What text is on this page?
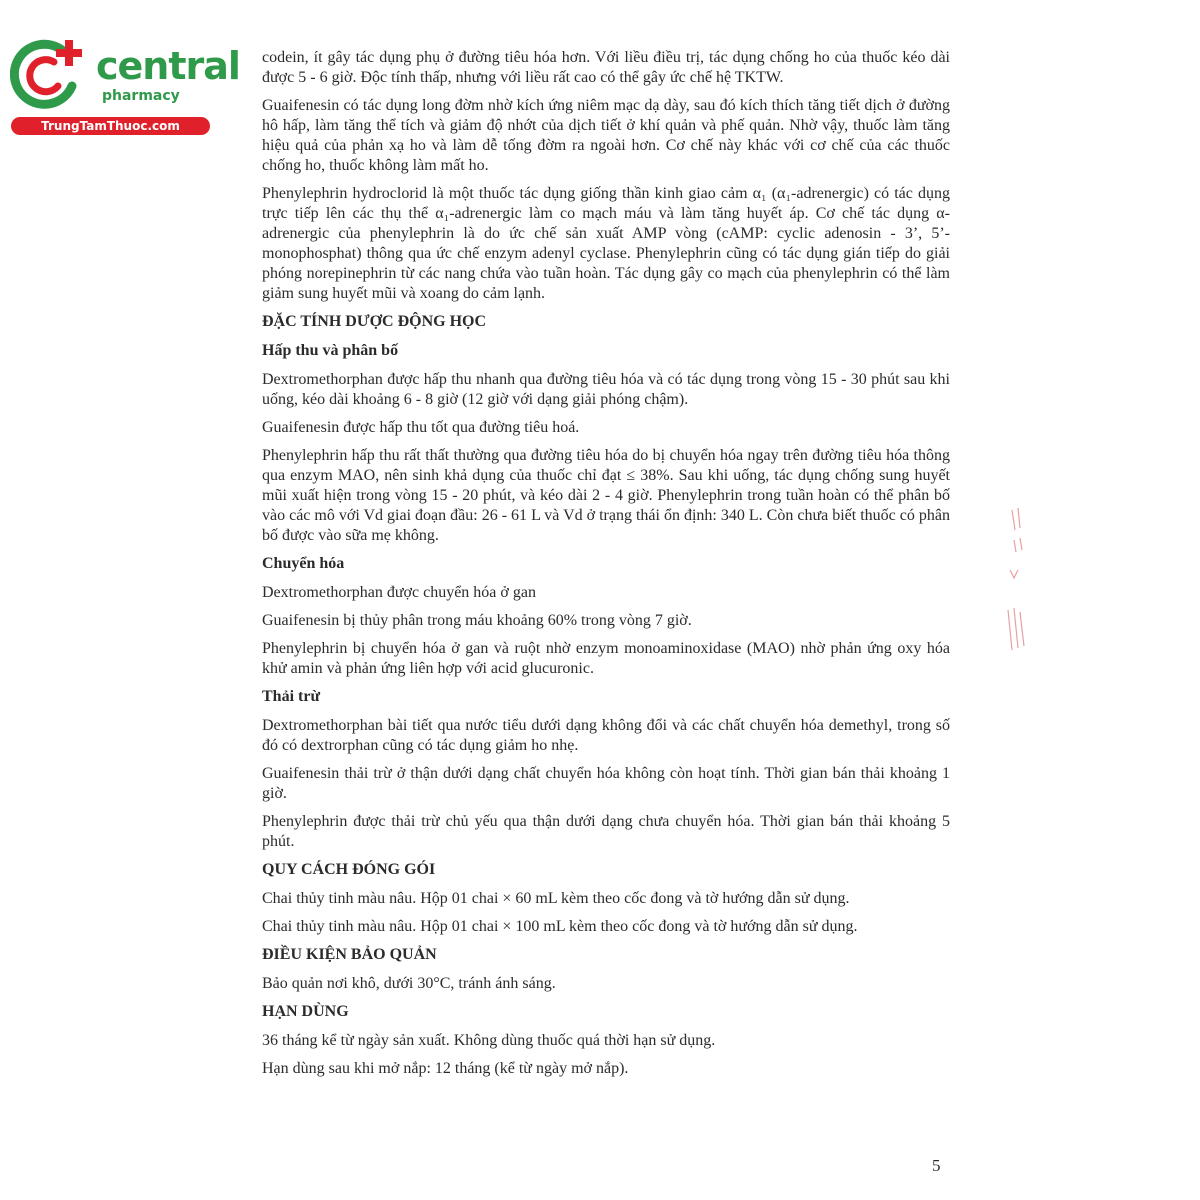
central
pharmacy
TrungTamThuoc.com

codein, ít gây tác dụng phụ ở đường tiêu hóa hơn. Với liều điều trị, tác dụng chống ho của thuốc kéo dài được 5 - 6 giờ. Độc tính thấp, nhưng với liều rất cao có thể gây ức chế hệ TKTW.

Guaifenesin có tác dụng long đờm nhờ kích ứng niêm mạc dạ dày, sau đó kích thích tăng tiết dịch ở đường hô hấp, làm tăng thể tích và giảm độ nhớt của dịch tiết ở khí quản và phế quản. Nhờ vậy, thuốc làm tăng hiệu quả của phản xạ ho và làm dễ tống đờm ra ngoài hơn. Cơ chế này khác với cơ chế của các thuốc chống ho, thuốc không làm mất ho.

Phenylephrin hydroclorid là một thuốc tác dụng giống thần kinh giao cảm α₁ (α₁-adrenergic) có tác dụng trực tiếp lên các thụ thể α₁-adrenergic làm co mạch máu và làm tăng huyết áp. Cơ chế tác dụng α-adrenergic của phenylephrin là do ức chế sản xuất AMP vòng (cAMP: cyclic adenosin - 3’, 5’-monophosphat) thông qua ức chế enzym adenyl cyclase. Phenylephrin cũng có tác dụng gián tiếp do giải phóng norepinephrin từ các nang chứa vào tuần hoàn. Tác dụng gây co mạch của phenylephrin có thể làm giảm sung huyết mũi và xoang do cảm lạnh.

ĐẶC TÍNH DƯỢC ĐỘNG HỌC
Hấp thu và phân bố

Dextromethorphan được hấp thu nhanh qua đường tiêu hóa và có tác dụng trong vòng 15 - 30 phút sau khi uống, kéo dài khoảng 6 - 8 giờ (12 giờ với dạng giải phóng chậm).

Guaifenesin được hấp thu tốt qua đường tiêu hoá.

Phenylephrin hấp thu rất thất thường qua đường tiêu hóa do bị chuyển hóa ngay trên đường tiêu hóa thông qua enzym MAO, nên sinh khả dụng của thuốc chỉ đạt ≤ 38%. Sau khi uống, tác dụng chống sung huyết mũi xuất hiện trong vòng 15 - 20 phút, và kéo dài 2 - 4 giờ. Phenylephrin trong tuần hoàn có thể phân bố vào các mô với Vd giai đoạn đầu: 26 - 61 L và Vd ở trạng thái ổn định: 340 L. Còn chưa biết thuốc có phân bố được vào sữa mẹ không.

Chuyển hóa

Dextromethorphan được chuyển hóa ở gan

Guaifenesin bị thủy phân trong máu khoảng 60% trong vòng 7 giờ.

Phenylephrin bị chuyển hóa ở gan và ruột nhờ enzym monoaminoxidase (MAO) nhờ phản ứng oxy hóa khử amin và phản ứng liên hợp với acid glucuronic.

Thải trừ

Dextromethorphan bài tiết qua nước tiểu dưới dạng không đổi và các chất chuyển hóa demethyl, trong số đó có dextrorphan cũng có tác dụng giảm ho nhẹ.

Guaifenesin thải trừ ở thận dưới dạng chất chuyển hóa không còn hoạt tính. Thời gian bán thải khoảng 1 giờ.

Phenylephrin được thải trừ chủ yếu qua thận dưới dạng chưa chuyển hóa. Thời gian bán thải khoảng 5 phút.

QUY CÁCH ĐÓNG GÓI

Chai thủy tinh màu nâu. Hộp 01 chai × 60 mL kèm theo cốc đong và tờ hướng dẫn sử dụng.

Chai thủy tinh màu nâu. Hộp 01 chai × 100 mL kèm theo cốc đong và tờ hướng dẫn sử dụng.

ĐIỀU KIỆN BẢO QUẢN

Bảo quản nơi khô, dưới 30°C, tránh ánh sáng.

HẠN DÙNG

36 tháng kể từ ngày sản xuất. Không dùng thuốc quá thời hạn sử dụng.

Hạn dùng sau khi mở nắp: 12 tháng (kể từ ngày mở nắp).

5
